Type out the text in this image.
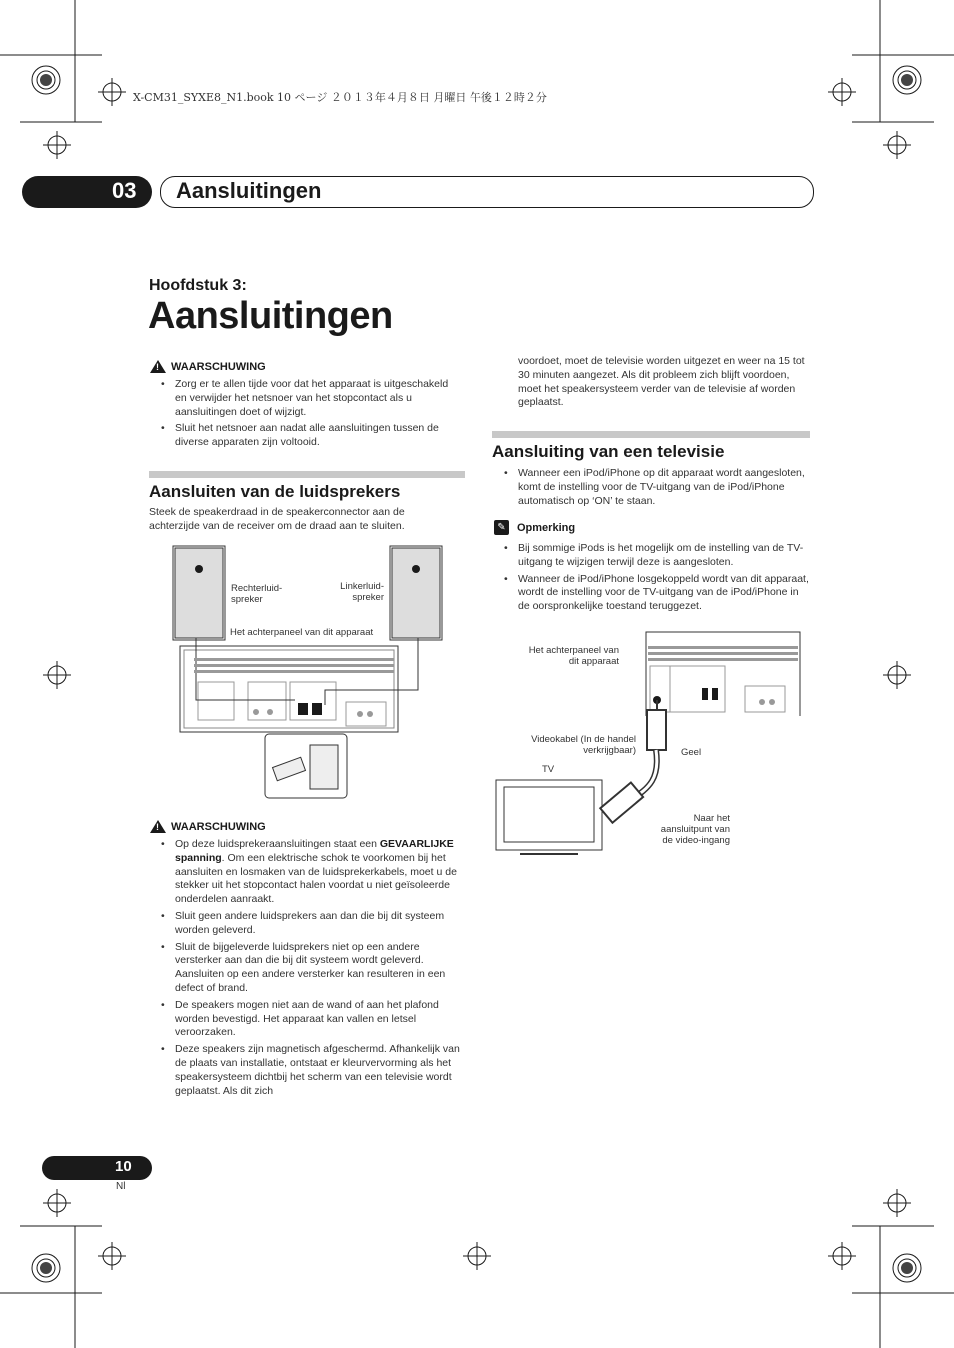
X-CM31_SYXE8_N1.book 10 ページ ２０１３年４月８日 月曜日 午後１２時２分
03 Aansluitingen
Hoofdstuk 3:
Aansluitingen
! WAARSCHUWING
• Zorg er te allen tijde voor dat het apparaat is uitgeschakeld en verwijder het netsnoer van het stopcontact als u aansluitingen doet of wijzigt.
• Sluit het netsnoer aan nadat alle aansluitingen tussen de diverse apparaten zijn voltooid.
Aansluiten van de luidsprekers
Steek de speakerdraad in de speakerconnector aan de achterzijde van de receiver om de draad aan te sluiten.
Rechterluid-
spreker
Linkerluid-
spreker
Het achterpaneel van dit apparaat
! WAARSCHUWING
• Op deze luidsprekeraansluitingen staat een GEVAARLIJKE spanning. Om een elektrische schok te voorkomen bij het aansluiten en losmaken van de luidsprekerkabels, moet u de stekker uit het stopcontact halen voordat u niet geïsoleerde onderdelen aanraakt.
• Sluit geen andere luidsprekers aan dan die bij dit systeem worden geleverd.
• Sluit de bijgeleverde luidsprekers niet op een andere versterker aan dan die bij dit systeem wordt geleverd. Aansluiten op een andere versterker kan resulteren in een defect of brand.
• De speakers mogen niet aan de wand of aan het plafond worden bevestigd. Het apparaat kan vallen en letsel veroorzaken.
• Deze speakers zijn magnetisch afgeschermd. Afhankelijk van de plaats van installatie, ontstaat er kleurvervorming als het speakersysteem dichtbij het scherm van een televisie wordt geplaatst. Als dit zich
voordoet, moet de televisie worden uitgezet en weer na 15 tot 30 minuten aangezet. Als dit probleem zich blijft voordoen, moet het speakersysteem verder van de televisie af worden geplaatst.
Aansluiting van een televisie
• Wanneer een iPod/iPhone op dit apparaat wordt aangesloten, komt de instelling voor de TV-uitgang van de iPod/iPhone automatisch op ‘ON’ te staan.
✎	Opmerking
• Bij sommige iPods is het mogelijk om de instelling van de TV-uitgang te wijzigen terwijl deze is aangesloten.
• Wanneer de iPod/iPhone losgekoppeld wordt van dit apparaat, wordt de instelling voor de TV-uitgang van de iPod/iPhone in de oorspronkelijke toestand teruggezet.
Het achterpaneel van
dit apparaat
Videokabel (In de handel
verkrijgbaar)	Geel
TV
Naar het
aansluitpunt van
de video-ingang
10
Nl
